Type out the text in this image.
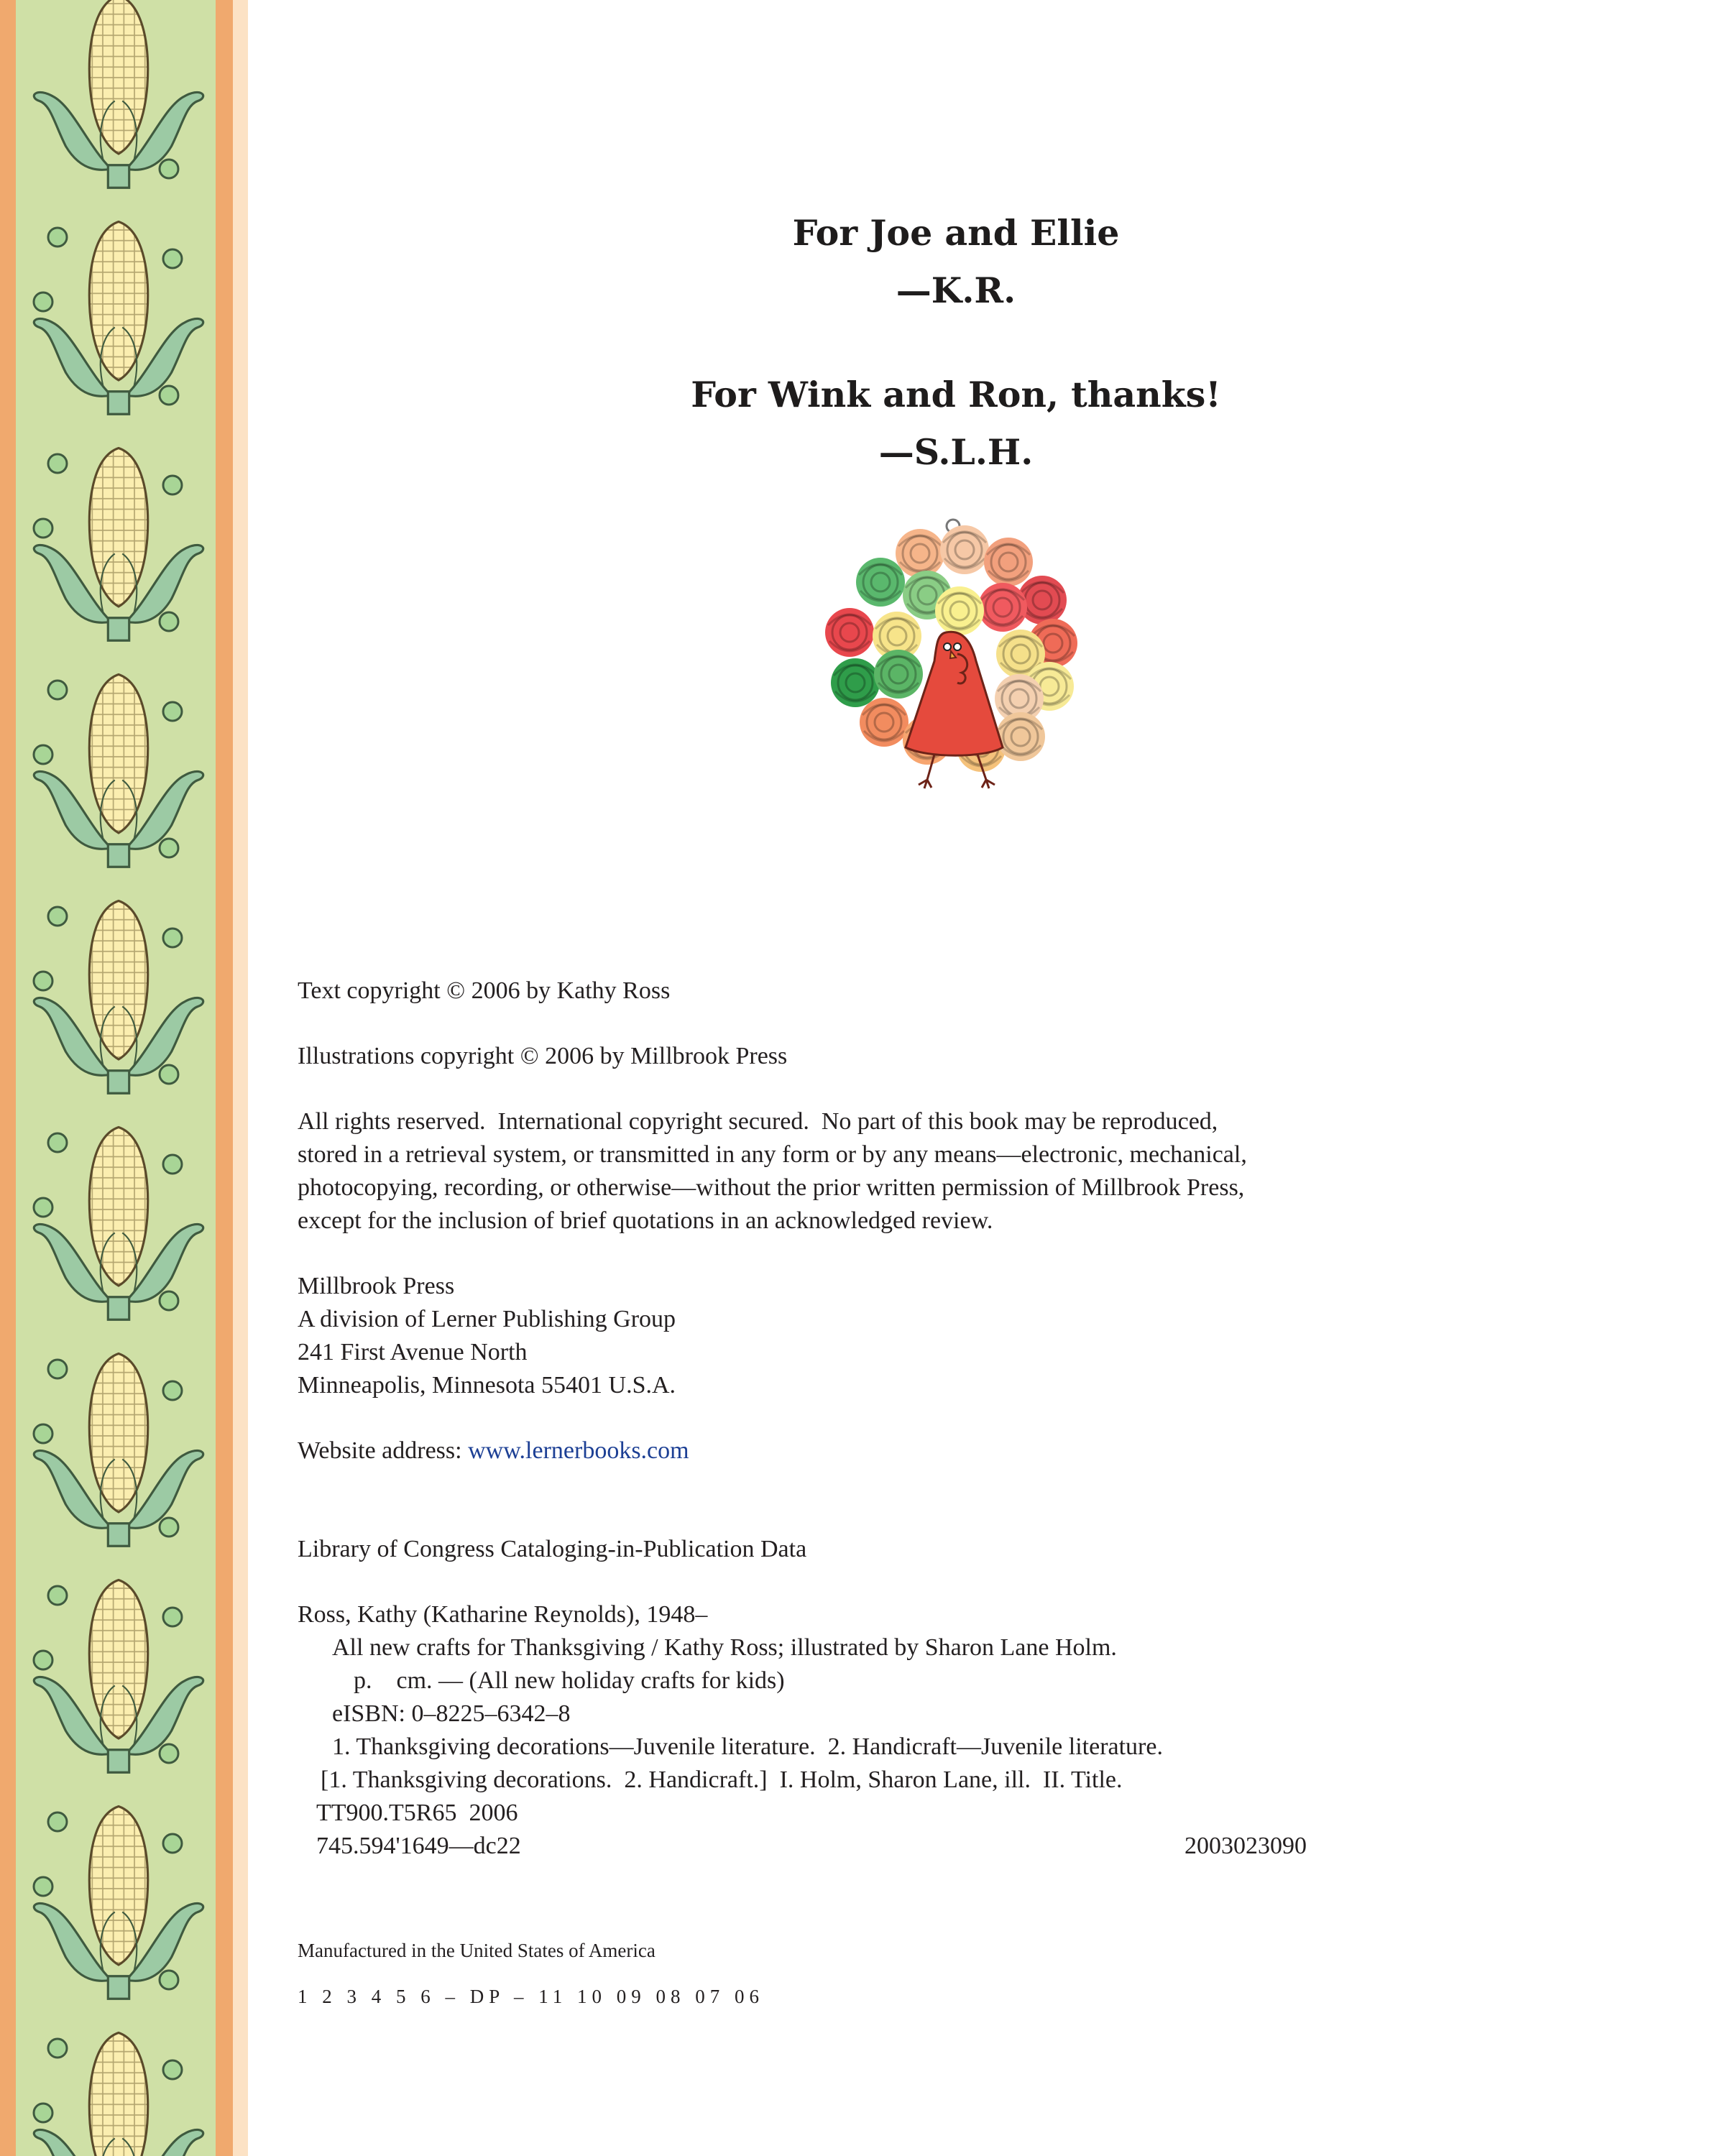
For Joe and Ellie
—K.R.
For Wink and Ron, thanks!
—S.L.H.
Text copyright © 2006 by Kathy Ross
Illustrations copyright © 2006 by Millbrook Press
All rights reserved.  International copyright secured.  No part of this book may be reproduced,
stored in a retrieval system, or transmitted in any form or by any means—electronic, mechanical,
photocopying, recording, or otherwise—without the prior written permission of Millbrook Press,
except for the inclusion of brief quotations in an acknowledged review.
Millbrook Press
A division of Lerner Publishing Group
241 First Avenue North
Minneapolis, Minnesota 55401 U.S.A.
Website address: www.lernerbooks.com
Library of Congress Cataloging-in-Publication Data
Ross, Kathy (Katharine Reynolds), 1948–
All new crafts for Thanksgiving / Kathy Ross; illustrated by Sharon Lane Holm.
p.    cm. — (All new holiday crafts for kids)
eISBN: 0–8225–6342–8
1. Thanksgiving decorations—Juvenile literature.  2. Handicraft—Juvenile literature.
[1. Thanksgiving decorations.  2. Handicraft.]  I. Holm, Sharon Lane, ill.  II. Title.
TT900.T5R65  2006
745.594'1649—dc22	2003023090
Manufactured in the United States of America
1 2 3 4 5 6 – DP – 11 10 09 08 07 06
